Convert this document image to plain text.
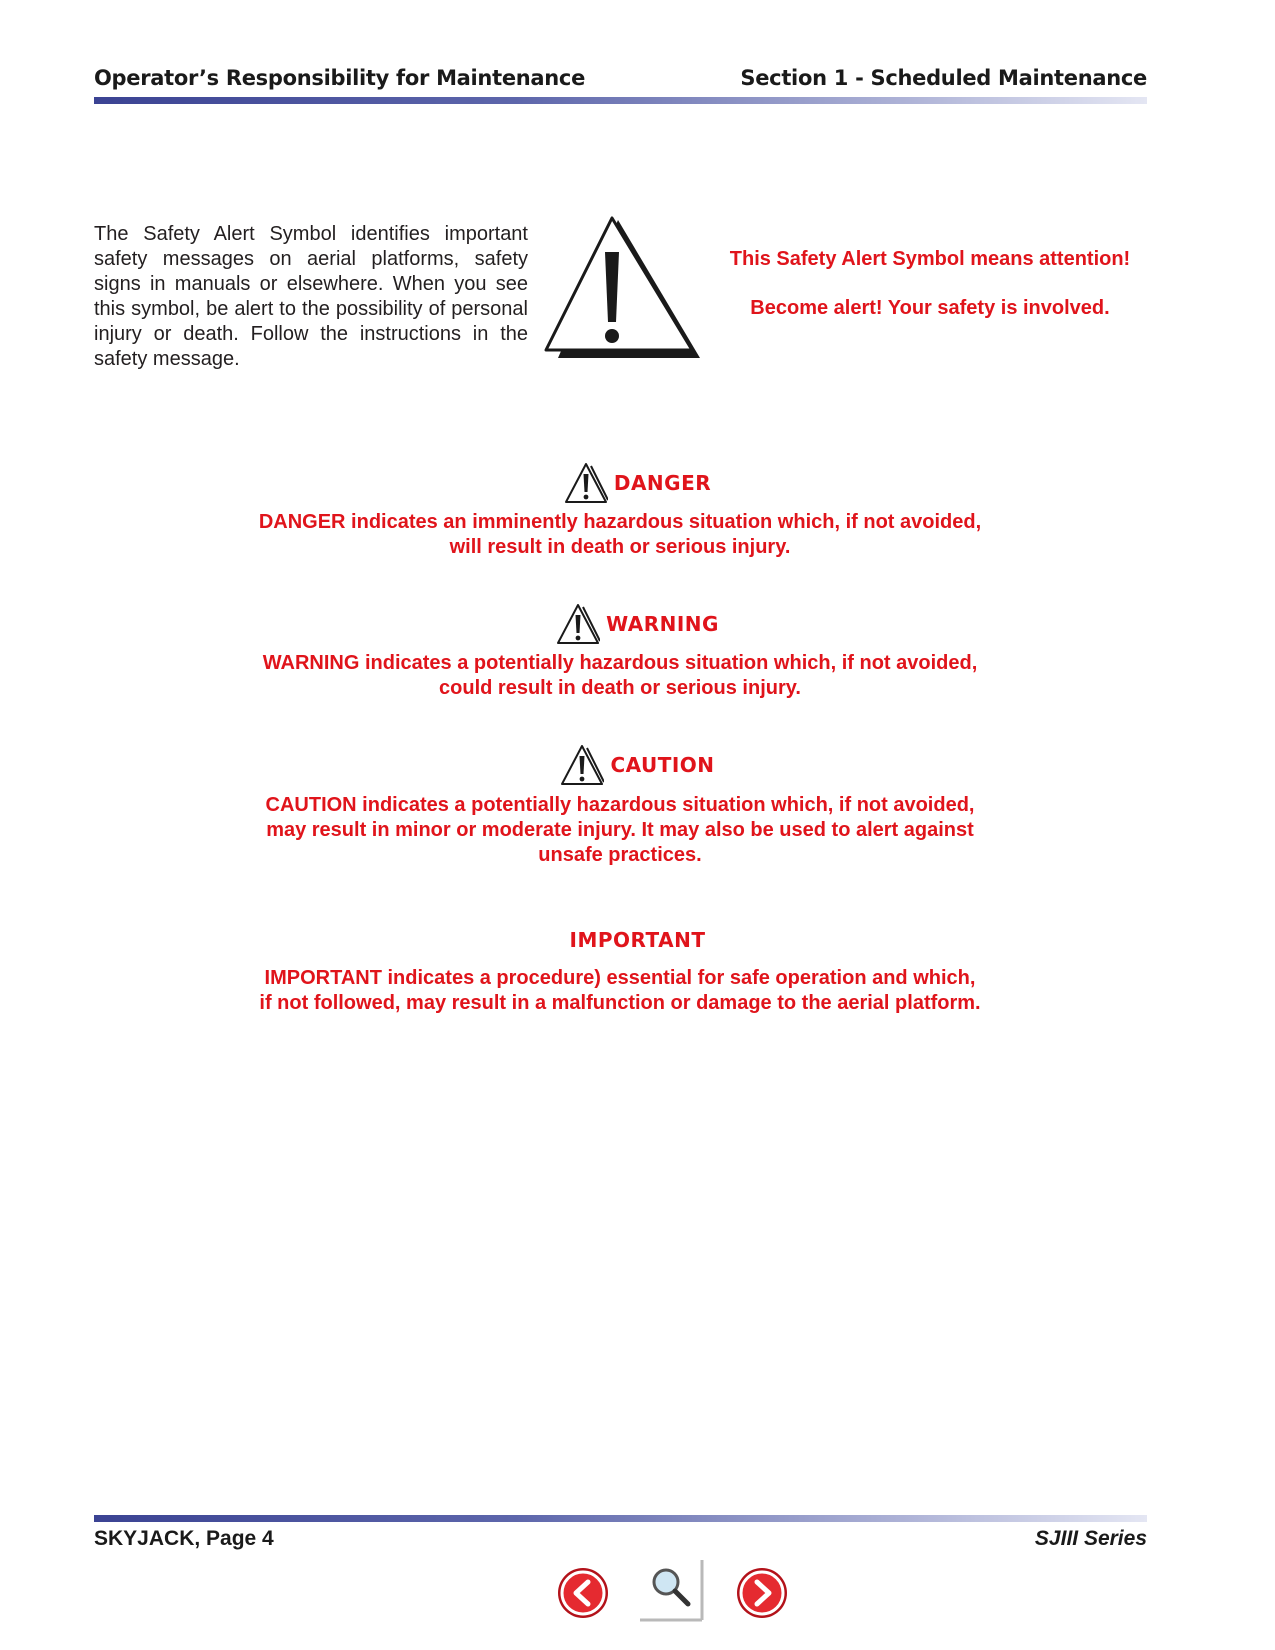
Operator’s Responsibility for Maintenance	Section 1 - Scheduled Maintenance
The Safety Alert Symbol identifies important safety messages on aerial platforms, safety signs in manuals or elsewhere. When you see this symbol, be alert to the possibility of personal injury or death. Follow the instructions in the safety message.
This Safety Alert Symbol means attention!
Become alert! Your safety is involved.
DANGER
DANGER indicates an imminently hazardous situation which, if not avoided,
will result in death or serious injury.
WARNING
WARNING indicates a potentially hazardous situation which, if not avoided,
could result in death or serious injury.
CAUTION
CAUTION indicates a potentially hazardous situation which, if not avoided,
may result in minor or moderate injury. It may also be used to alert against
unsafe practices.
IMPORTANT
IMPORTANT indicates a procedure) essential for safe operation and which,
if not followed, may result in a malfunction or damage to the aerial platform.
SKYJACK, Page 4	SJIII Series
